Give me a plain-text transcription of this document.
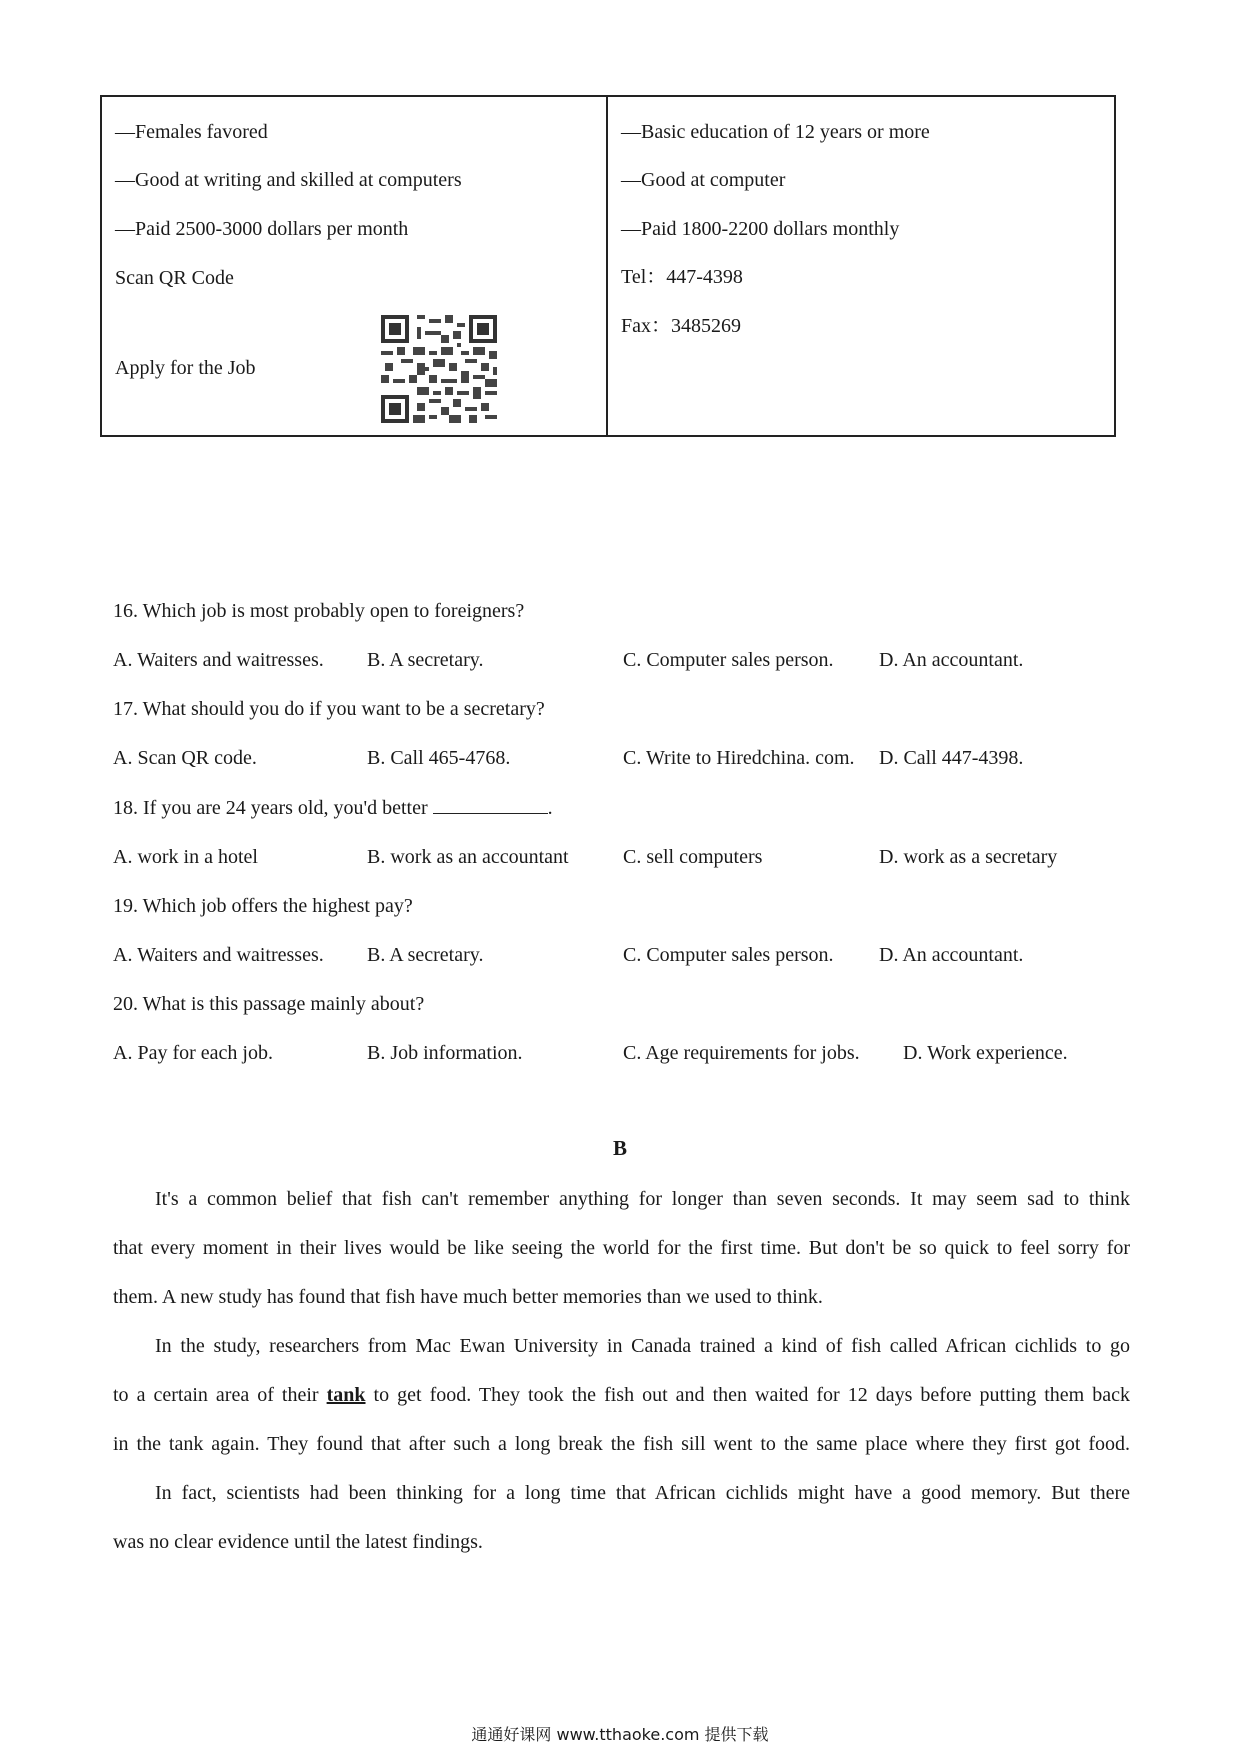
—Females favored
—Good at writing and skilled at computers
—Paid 2500-3000 dollars per month
Scan QR Code
Apply for the Job
—Basic education of 12 years or more
—Good at computer
—Paid 1800-2200 dollars monthly
Tel：447-4398
Fax：3485269
16. Which job is most probably open to foreigners?
A. Waiters and waitresses. B. A secretary.	C. Computer sales person. D. An accountant.
17. What should you do if you want to be a secretary?
A. Scan QR code.	B. Call 465-4768.	C. Write to Hiredchina. com. D. Call 447-4398.
18. If you are 24 years old, you'd better	.
A. work in a hotel	B. work as an accountant	C. sell computers	D. work as a secretary
19. Which job offers the highest pay?
A. Waiters and waitresses. B. A secretary.	C. Computer sales person. D. An accountant.
20. What is this passage mainly about?
A. Pay for each job.	B. Job information.	C. Age requirements for jobs. D. Work experience.
B
It's a common belief that fish can't remember anything for longer than seven seconds. It may seem sad to think
that every moment in their lives would be like seeing the world for the first time. But don't be so quick to feel sorry for
them. A new study has found that fish have much better memories than we used to think.
In the study, researchers from Mac Ewan University in Canada trained a kind of fish called African cichlids to go
to a certain area of their tank to get food. They took the fish out and then waited for 12 days before putting them back
in the tank again. They found that after such a long break the fish sill went to the same place where they first got food.
In fact, scientists had been thinking for a long time that African cichlids might have a good memory. But there
was no clear evidence until the latest findings.
通通好课网 www.tthaoke.com 提供下载
